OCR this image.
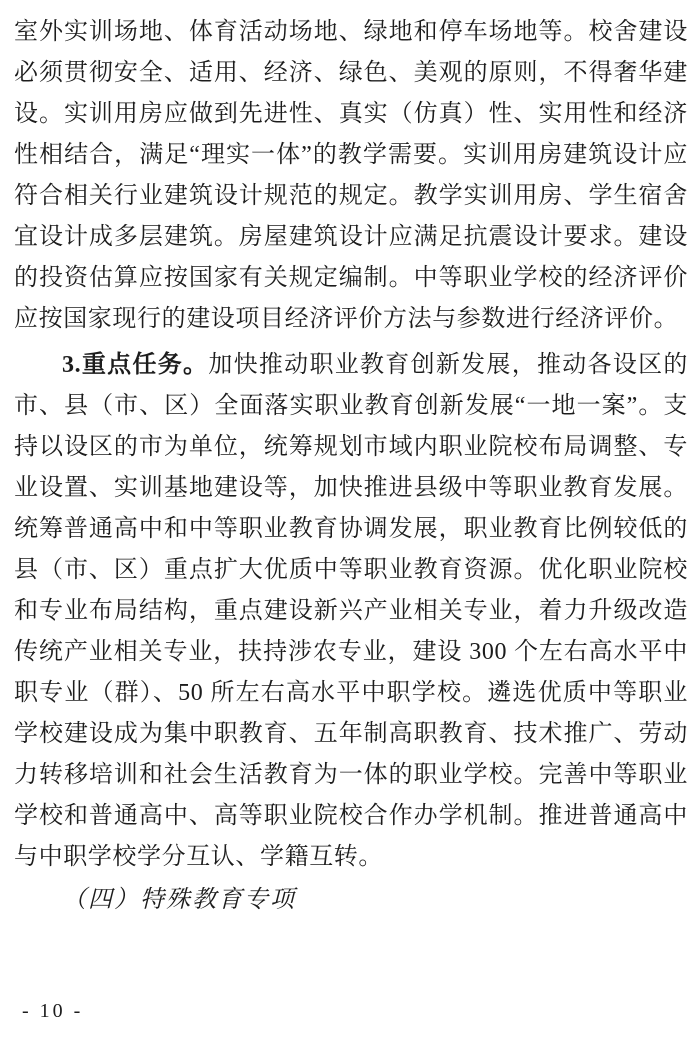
室外实训场地、体育活动场地、绿地和停车场地等。校舍建设必须贯彻安全、适用、经济、绿色、美观的原则，不得奢华建设。实训用房应做到先进性、真实（仿真）性、实用性和经济性相结合，满足“理实一体”的教学需要。实训用房建筑设计应符合相关行业建筑设计规范的规定。教学实训用房、学生宿舍宜设计成多层建筑。房屋建筑设计应满足抗震设计要求。建设的投资估算应按国家有关规定编制。中等职业学校的经济评价应按国家现行的建设项目经济评价方法与参数进行经济评价。

3.重点任务。加快推动职业教育创新发展，推动各设区的市、县（市、区）全面落实职业教育创新发展“一地一案”。支持以设区的市为单位，统筹规划市域内职业院校布局调整、专业设置、实训基地建设等，加快推进县级中等职业教育发展。统筹普通高中和中等职业教育协调发展，职业教育比例较低的县（市、区）重点扩大优质中等职业教育资源。优化职业院校和专业布局结构，重点建设新兴产业相关专业，着力升级改造传统产业相关专业，扶持涉农专业，建设 300 个左右高水平中职专业（群）、50 所左右高水平中职学校。遴选优质中等职业学校建设成为集中职教育、五年制高职教育、技术推广、劳动力转移培训和社会生活教育为一体的职业学校。完善中等职业学校和普通高中、高等职业院校合作办学机制。推进普通高中与中职学校学分互认、学籍互转。

（四）特殊教育专项

- 10 -
